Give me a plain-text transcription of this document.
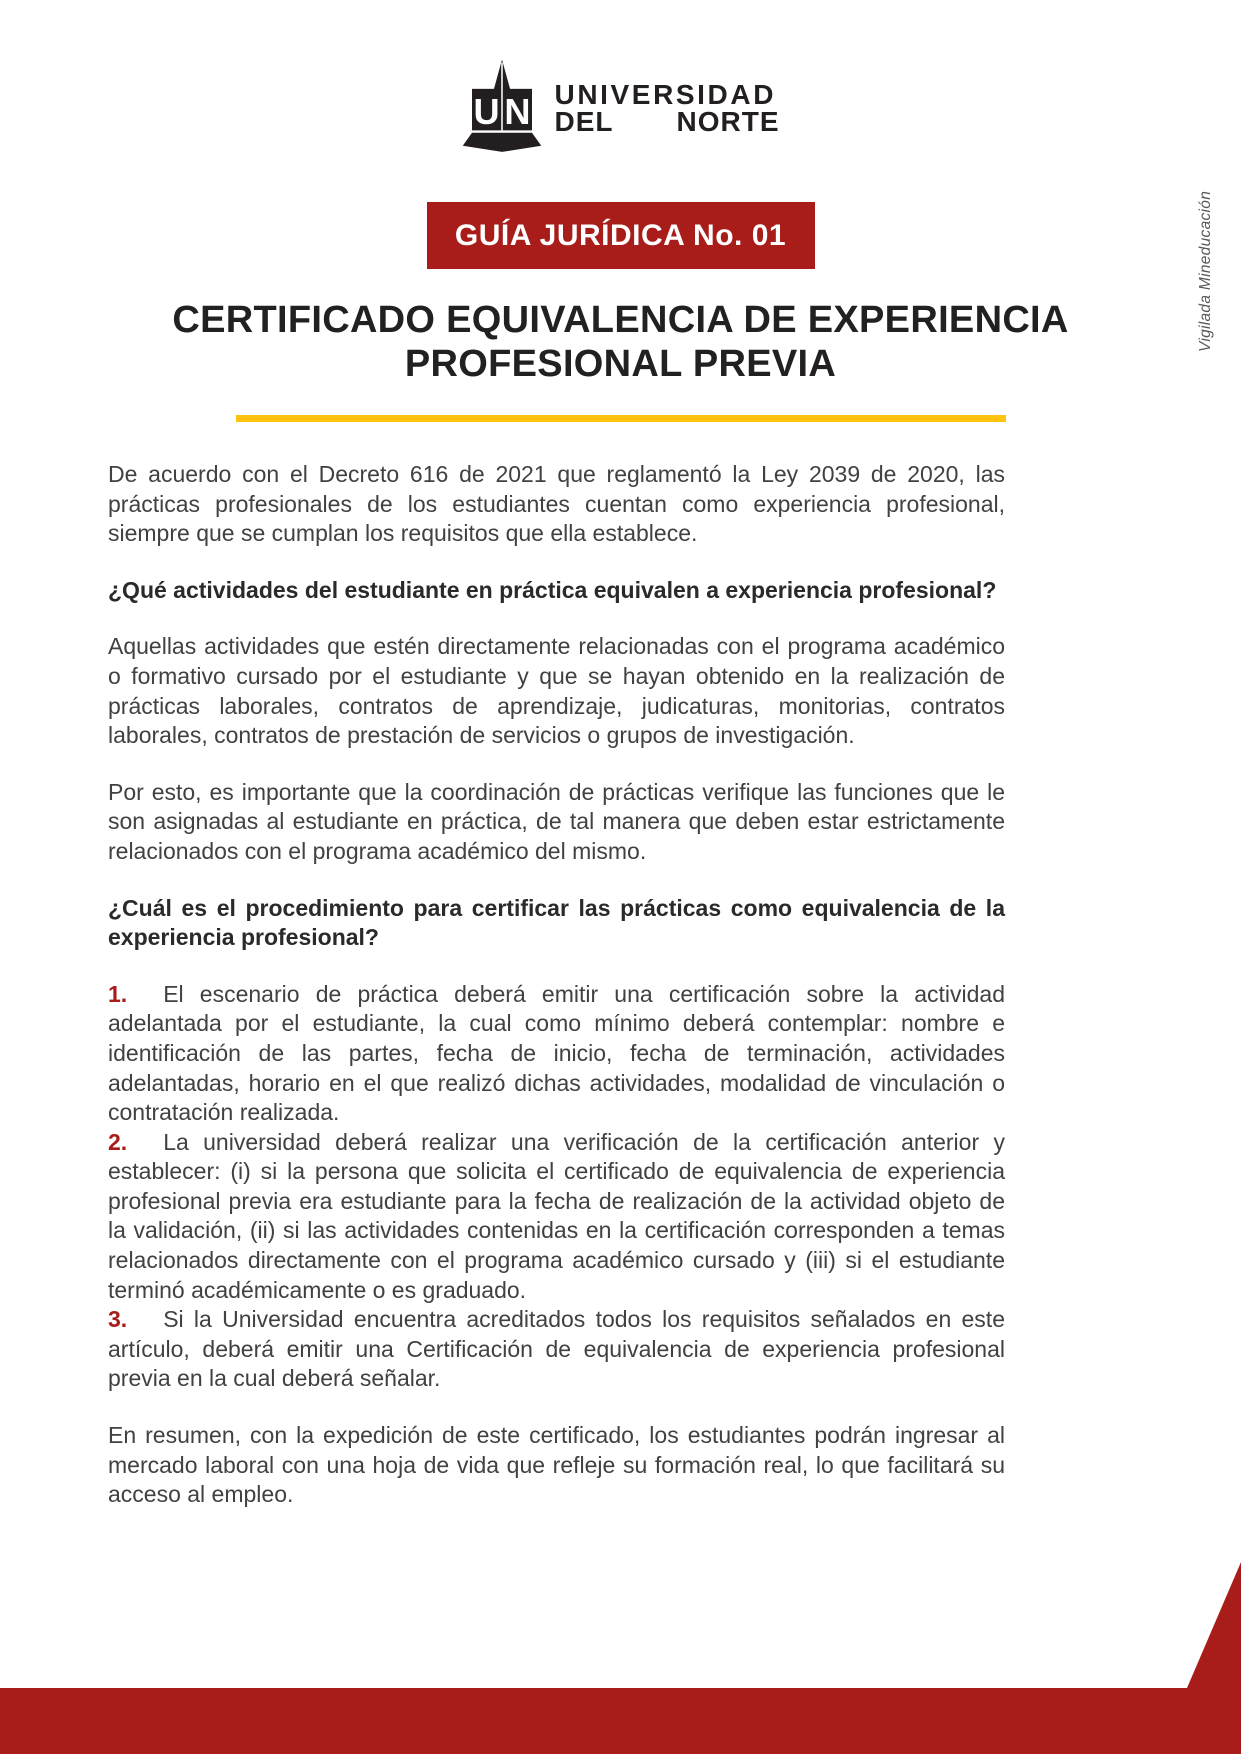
U N UNIVERSIDAD
DEL NORTE
GUÍA JURÍDICA No. 01
CERTIFICADO EQUIVALENCIA DE EXPERIENCIA
PROFESIONAL PREVIA

De acuerdo con el Decreto 616 de 2021 que reglamentó la Ley 2039 de 2020, las prácticas profesionales de los estudiantes cuentan como experiencia profesional, siempre que se cumplan los requisitos que ella establece.

¿Qué actividades del estudiante en práctica equivalen a experiencia profesional?

Aquellas actividades que estén directamente relacionadas con el programa académico o formativo cursado por el estudiante y que se hayan obtenido en la realización de prácticas laborales, contratos de aprendizaje, judicaturas, monitorias, contratos laborales, contratos de prestación de servicios o grupos de investigación.

Por esto, es importante que la coordinación de prácticas verifique las funciones que le son asignadas al estudiante en práctica, de tal manera que deben estar estrictamente relacionados con el programa académico del mismo.

¿Cuál es el procedimiento para certificar las prácticas como equivalencia de la experiencia profesional?

1. El escenario de práctica deberá emitir una certificación sobre la actividad adelantada por el estudiante, la cual como mínimo deberá contemplar: nombre e identificación de las partes, fecha de inicio, fecha de terminación, actividades adelantadas, horario en el que realizó dichas actividades, modalidad de vinculación o contratación realizada.

2. La universidad deberá realizar una verificación de la certificación anterior y establecer: (i) si la persona que solicita el certificado de equivalencia de experiencia profesional previa era estudiante para la fecha de realización de la actividad objeto de la validación, (ii) si las actividades contenidas en la certificación corresponden a temas relacionados directamente con el programa académico cursado y (iii) si el estudiante terminó académicamente o es graduado.

3. Si la Universidad encuentra acreditados todos los requisitos señalados en este artículo, deberá emitir una Certificación de equivalencia de experiencia profesional previa en la cual deberá señalar.

En resumen, con la expedición de este certificado, los estudiantes podrán ingresar al mercado laboral con una hoja de vida que refleje su formación real, lo que facilitará su acceso al empleo.

Vigilada Mineducación
